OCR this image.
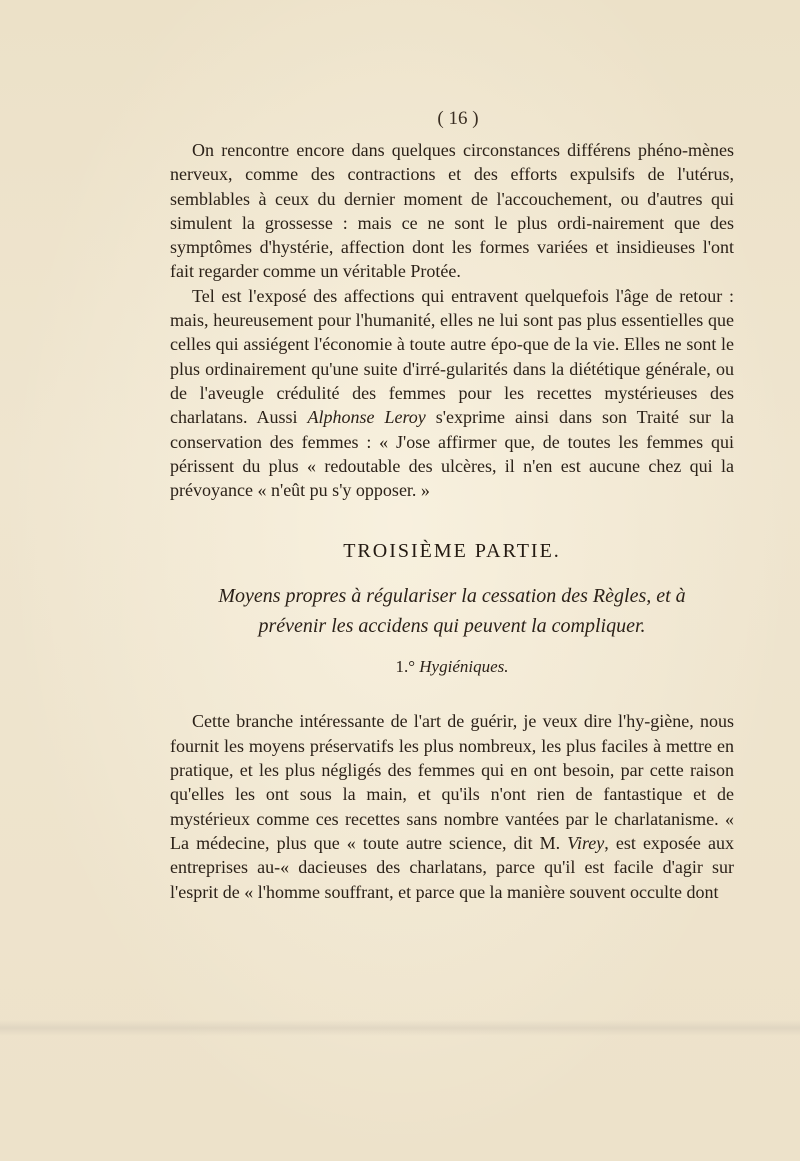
( 16 )

On rencontre encore dans quelques circonstances différens phéno-mènes nerveux, comme des contractions et des efforts expulsifs de l'utérus, semblables à ceux du dernier moment de l'accouchement, ou d'autres qui simulent la grossesse : mais ce ne sont le plus ordi-nairement que des symptômes d'hystérie, affection dont les formes variées et insidieuses l'ont fait regarder comme un véritable Protée.

Tel est l'exposé des affections qui entravent quelquefois l'âge de retour : mais, heureusement pour l'humanité, elles ne lui sont pas plus essentielles que celles qui assiégent l'économie à toute autre épo-que de la vie. Elles ne sont le plus ordinairement qu'une suite d'irré-gularités dans la diététique générale, ou de l'aveugle crédulité des femmes pour les recettes mystérieuses des charlatans. Aussi Alphonse Leroy s'exprime ainsi dans son Traité sur la conservation des femmes : « J'ose affirmer que, de toutes les femmes qui périssent du plus « redoutable des ulcères, il n'en est aucune chez qui la prévoyance « n'eût pu s'y opposer. »

TROISIÈME PARTIE.
Moyens propres à régulariser la cessation des Règles, et à
prévenir les accidens qui peuvent la compliquer.
1.° Hygiéniques.

Cette branche intéressante de l'art de guérir, je veux dire l'hy-giène, nous fournit les moyens préservatifs les plus nombreux, les plus faciles à mettre en pratique, et les plus négligés des femmes qui en ont besoin, par cette raison qu'elles les ont sous la main, et qu'ils n'ont rien de fantastique et de mystérieux comme ces recettes sans nombre vantées par le charlatanisme. « La médecine, plus que « toute autre science, dit M. Virey, est exposée aux entreprises au-« dacieuses des charlatans, parce qu'il est facile d'agir sur l'esprit de « l'homme souffrant, et parce que la manière souvent occulte dont
